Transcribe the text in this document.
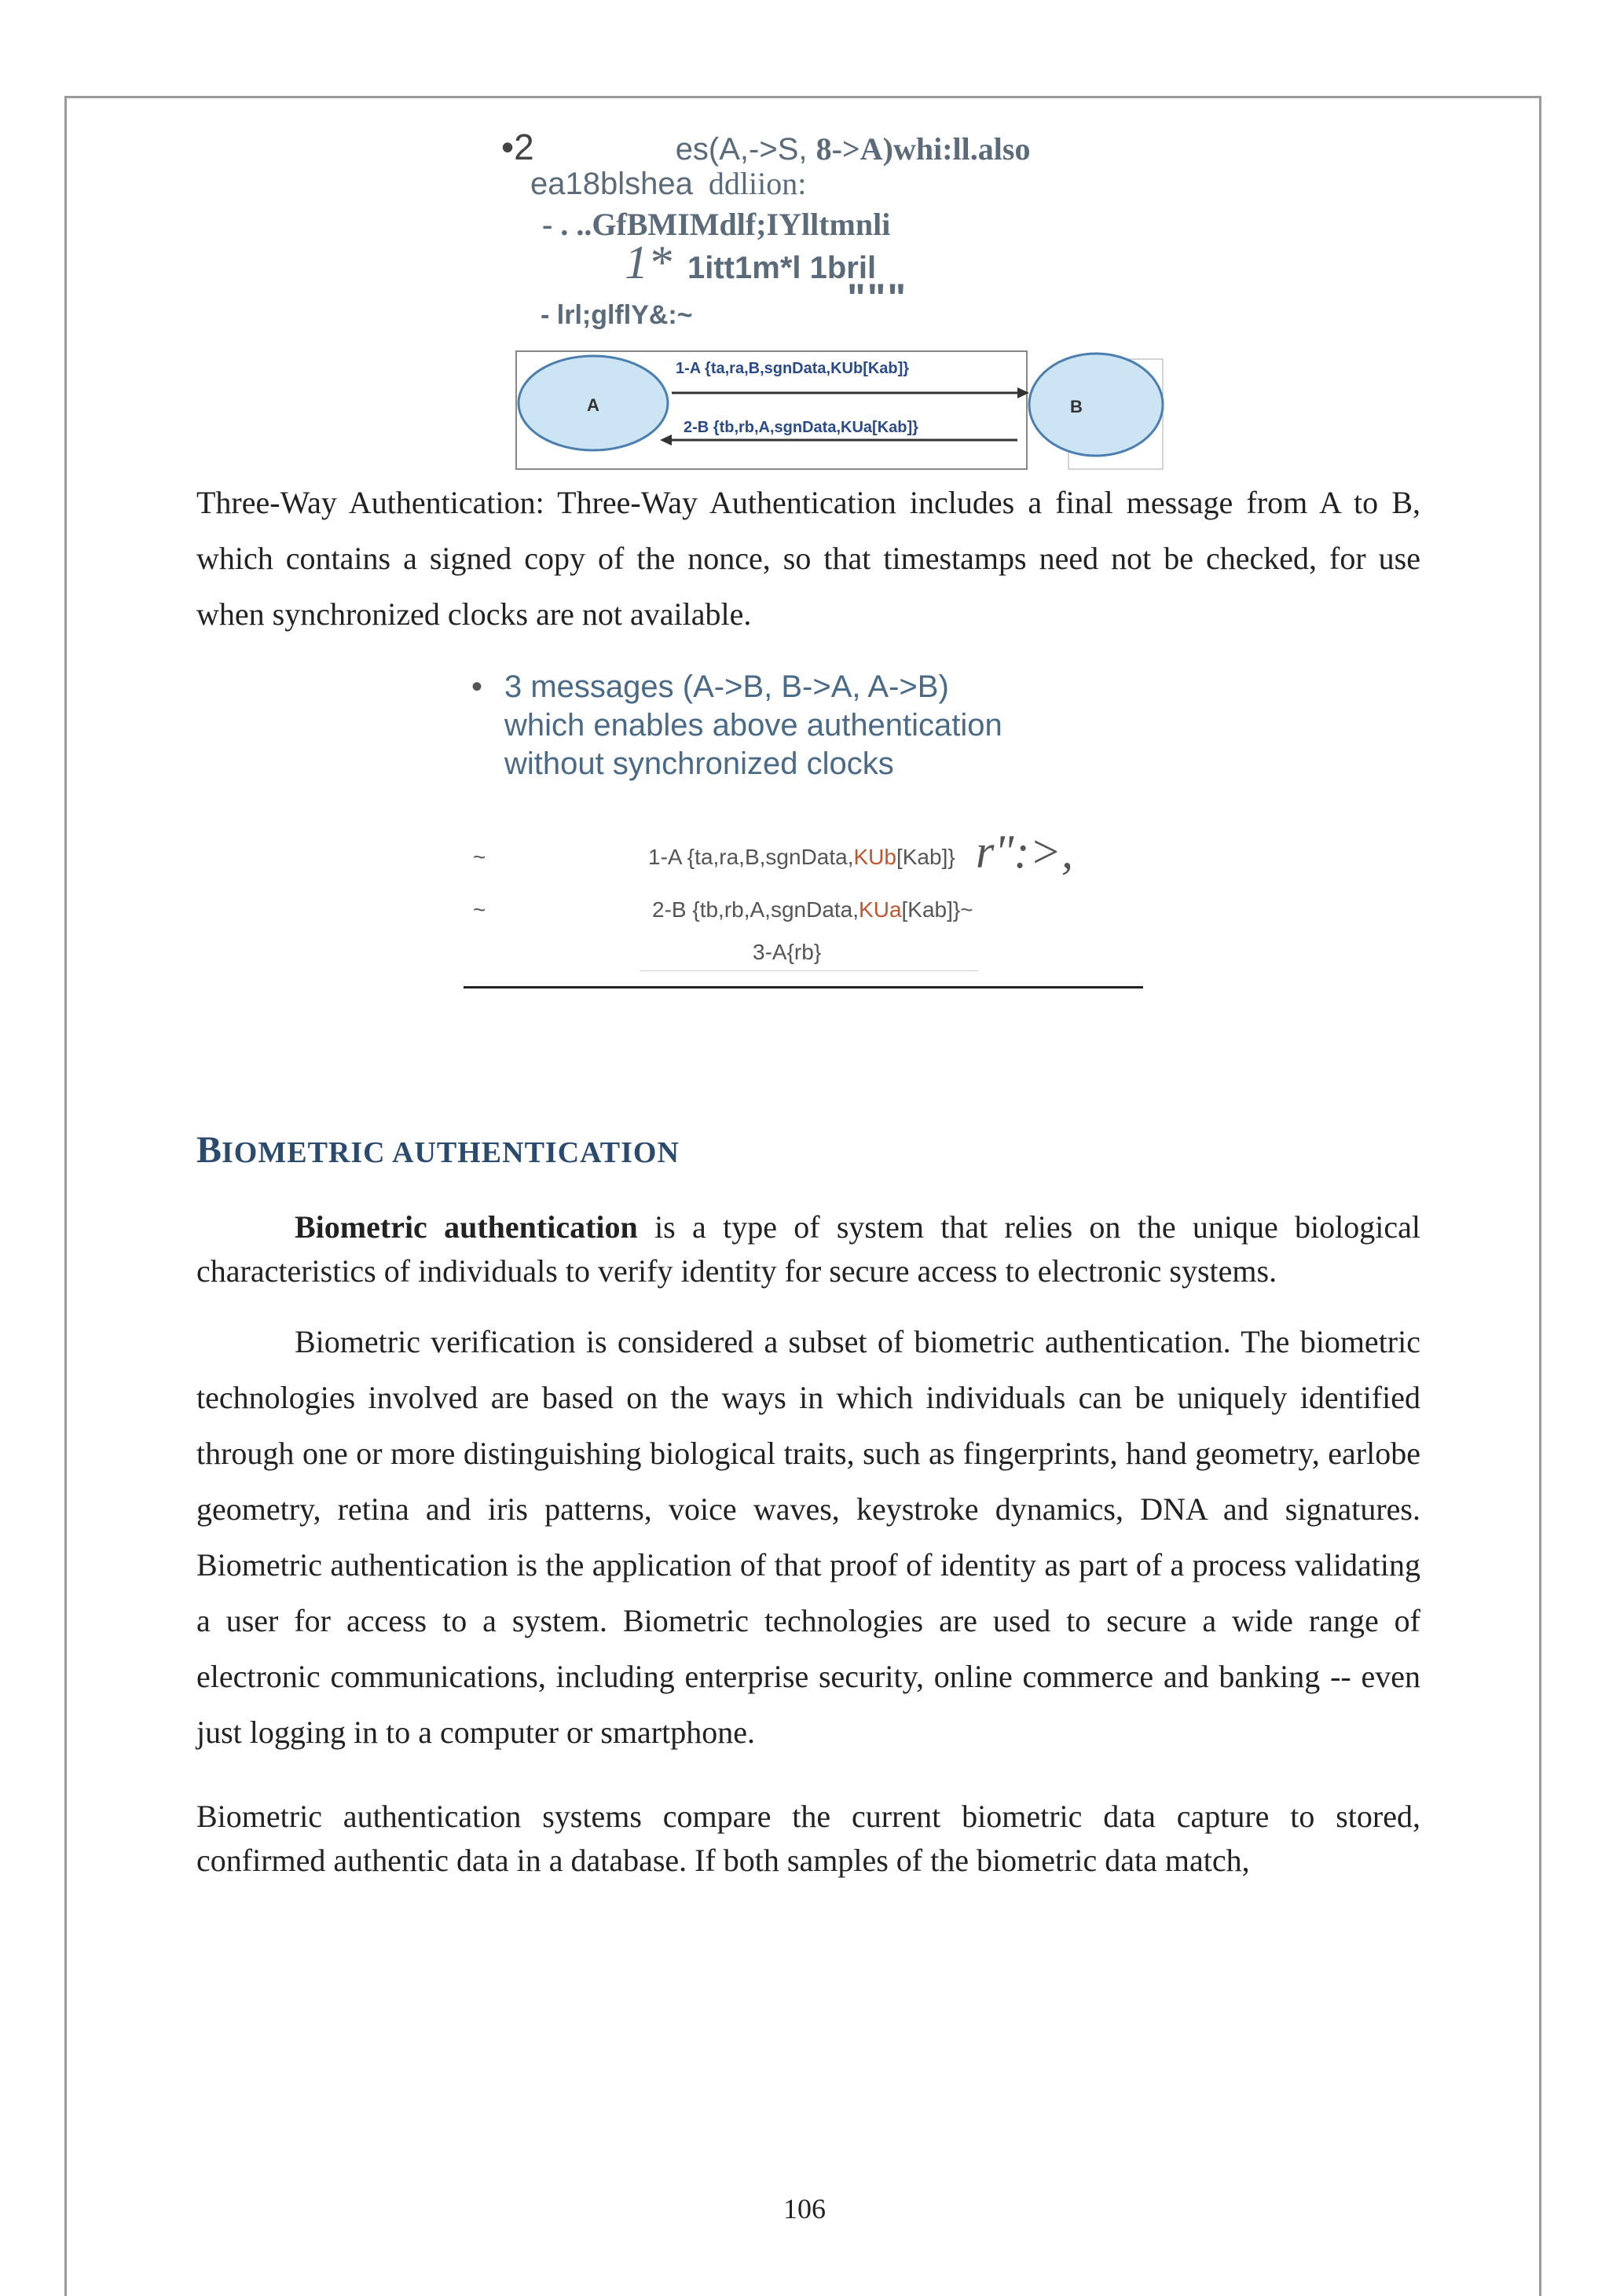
•2	es(A,->S, 8->A)whi:ll.also
ea18blshea ddliion:
- . ..GfBMIMdlf;IYlltmnli
1* 1itt1m*l 1bril
"""
- lrl;glflY&:~
A	B
1-A {ta,ra,B,sgnData,KUb[Kab]}
2-B {tb,rb,A,sgnData,KUa[Kab]}
Three-Way Authentication: Three-Way Authentication includes a final message from A to B, which contains a signed copy of the nonce, so that timestamps need not be checked, for use when synchronized clocks are not available.
• 3 messages (A->B, B->A, A->B)
which enables above authentication
without synchronized clocks
~	1-A {ta,ra,B,sgnData,KUb[Kab]} r":>,
~	2-B {tb,rb,A,sgnData,KUa[Kab]}~
3-A{rb}
BIOMETRIC AUTHENTICATION
Biometric authentication is a type of system that relies on the unique biological characteristics of individuals to verify identity for secure access to electronic systems.
Biometric verification is considered a subset of biometric authentication. The biometric technologies involved are based on the ways in which individuals can be uniquely identified through one or more distinguishing biological traits, such as fingerprints, hand geometry, earlobe geometry, retina and iris patterns, voice waves, keystroke dynamics, DNA and signatures. Biometric authentication is the application of that proof of identity as part of a process validating a user for access to a system. Biometric technologies are used to secure a wide range of electronic communications, including enterprise security, online commerce and banking -- even just logging in to a computer or smartphone.
Biometric authentication systems compare the current biometric data capture to stored, confirmed authentic data in a database. If both samples of the biometric data match,
106
